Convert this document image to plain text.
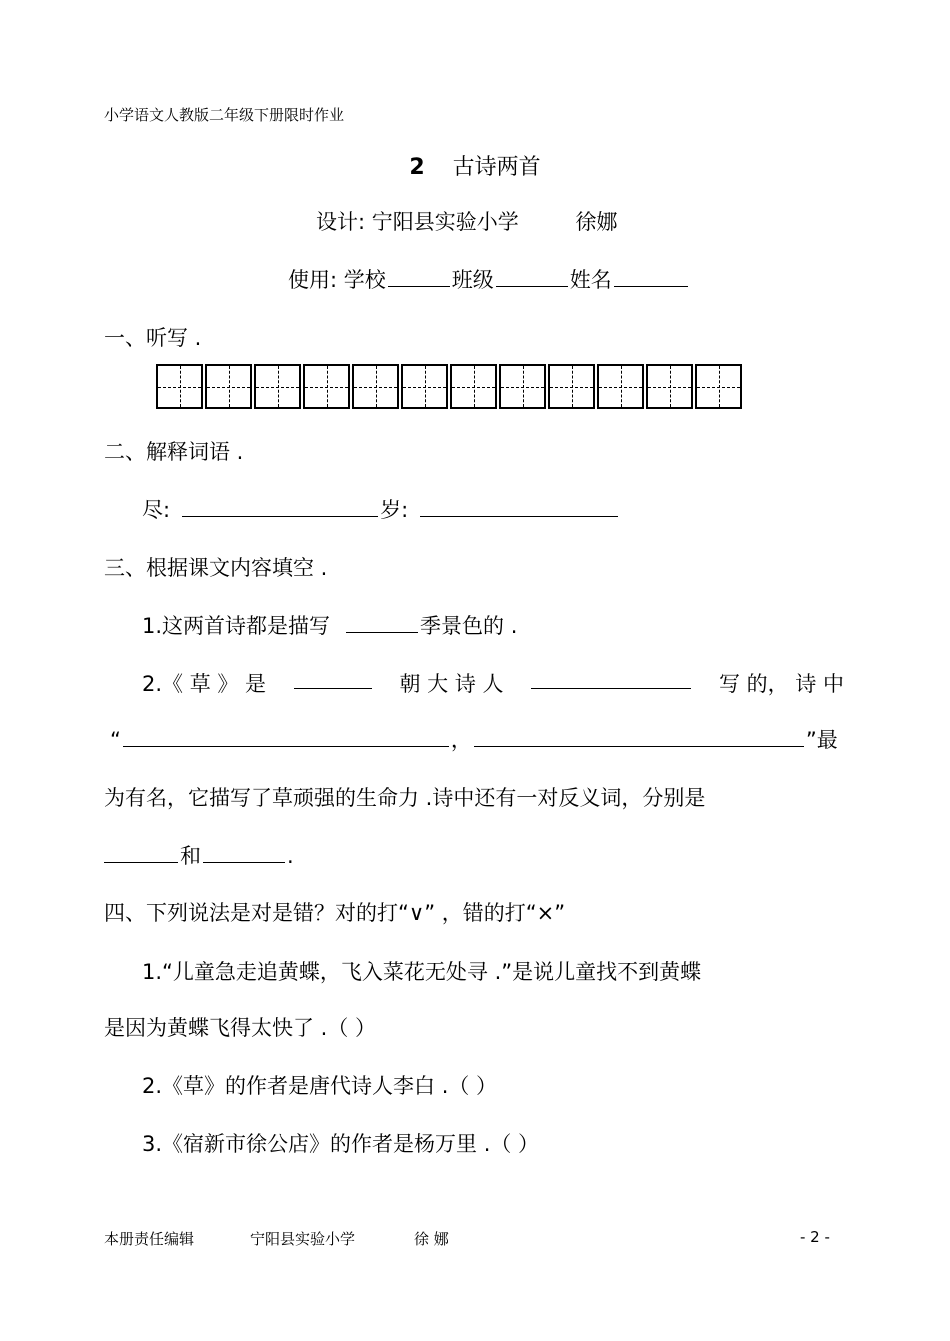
小学语文人教版二年级下册限时作业
2 古诗两首
设计: 宁阳县实验小学	徐娜
使用: 学校	班级	姓名
一、听写 .
二、解释词语 .
尽:	岁:
三、根据课文内容填空 .
1.这两首诗都是描写	季景色的 .
2.《 草 》 是	朝 大 诗 人	写 的， 诗 中
“	，	”最
为有名，它描写了草顽强的生命力 .诗中还有一对反义词，分别是
和	.
四、下列说法是对是错？对的打“∨” ，错的打“×”
1.“儿童急走追黄蝶，飞入菜花无处寻 .”是说儿童找不到黄蝶
是因为黄蝶飞得太快了 .（ ）
2.《草》的作者是唐代诗人李白 .（ ）
3.《宿新市徐公店》的作者是杨万里 .（ ）
本册责任编辑	宁阳县实验小学	徐 娜	- 2 -
